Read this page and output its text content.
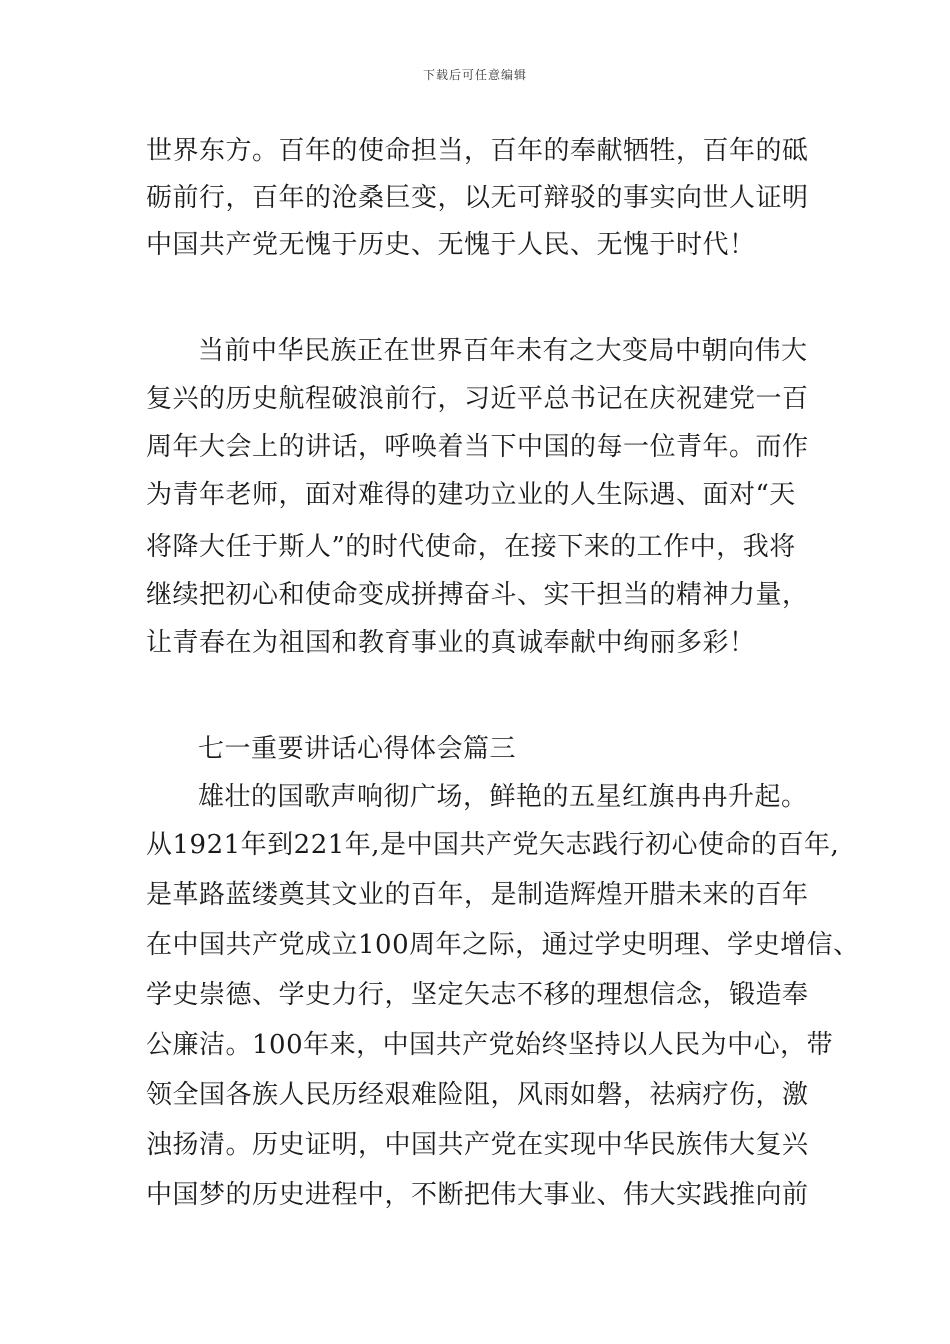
下载后可任意编辑
世界东方。百年的使命担当，百年的奉献牺牲，百年的砥
砺前行，百年的沧桑巨变，以无可辩驳的事实向世人证明
中国共产党无愧于历史、无愧于人民、无愧于时代！
当前中华民族正在世界百年未有之大变局中朝向伟大
复兴的历史航程破浪前行，习近平总书记在庆祝建党一百
周年大会上的讲话，呼唤着当下中国的每一位青年。而作
为青年老师，面对难得的建功立业的人生际遇、面对“天
将降大任于斯人”的时代使命，在接下来的工作中，我将
继续把初心和使命变成拼搏奋斗、实干担当的精神力量，
让青春在为祖国和教育事业的真诚奉献中绚丽多彩！
七一重要讲话心得体会篇三
雄壮的国歌声响彻广场，鲜艳的五星红旗冉冉升起。
从1921年到221年,是中国共产党矢志践行初心使命的百年,
是革路蓝缕奠其文业的百年，是制造辉煌开腊未来的百年
在中国共产党成立100周年之际，通过学史明理、学史增信、
学史崇德、学史力行，坚定矢志不移的理想信念，锻造奉
公廉洁。100年来，中国共产党始终坚持以人民为中心，带
领全国各族人民历经艰难险阻，风雨如磐，祛病疗伤，激
浊扬清。历史证明，中国共产党在实现中华民族伟大复兴
中国梦的历史进程中，不断把伟大事业、伟大实践推向前
